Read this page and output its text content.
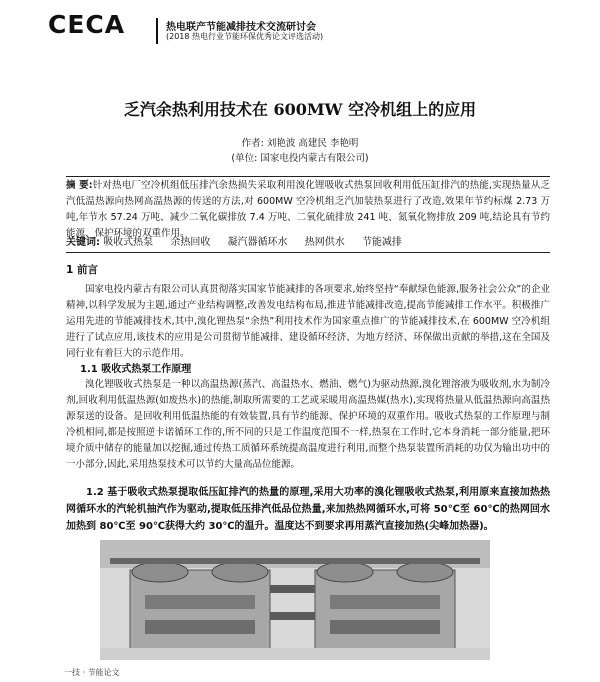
CECA	热电联产节能减排技术交流研讨会
(2018 热电行业节能环保优秀论文评选活动)
乏汽余热利用技术在 600MW 空冷机组上的应用
作者: 刘艳波 高建民 李艳明
(单位: 国家电投内蒙古有限公司)
摘 要:针对热电厂空冷机组低压排汽余热损失采取利用溴化锂吸收式热泵回收利用低压缸排汽的热能,实现热量从乏汽低温热源向热网高温热源的传送的方法,对 600MW 空冷机组乏汽加装热泵进行了改造,效果年节约标煤 2.73 万吨,年节水 57.24 万吨、减少二氧化碳排放 7.4 万吨、二氧化硫排放 241 吨、氮氧化物排放 209 吨,结论具有节约能源、保护环境的双重作用。
关键词: 吸收式热泵 余热回收 凝汽器循环水 热网供水 节能减排
1 前言

国家电投内蒙古有限公司认真贯彻落实国家节能减排的各项要求,始终坚持“奉献绿色能源,服务社会公众”的企业精神,以科学发展为主题,通过产业结构调整,改善发电结构布局,推进节能减排改造,提高节能减排工作水平。积极推广运用先进的节能减排技术,其中,溴化锂热泵“余热”利用技术作为国家重点推广的节能减排技术,在 600MW 空冷机组进行了试点应用,该技术的应用是公司贯彻节能减排、建设循环经济、为地方经济、环保做出贡献的举措,这在全国及同行业有着巨大的示范作用。

1.1 吸收式热泵工作原理

溴化锂吸收式热泵是一种以高温热源(蒸汽、高温热水、燃油、燃气)为驱动热源,溴化锂溶液为吸收剂,水为制冷剂,回收利用低温热源(如废热水)的热能,制取所需要的工艺或采暖用高温热媒(热水),实现将热量从低温热源向高温热源泵送的设备。是回收利用低温热能的有效装置,具有节约能源、保护环境的双重作用。吸收式热泵的工作原理与制冷机相同,都是按照逆卡诺循环工作的,所不同的只是工作温度范围不一样,热泵在工作时,它本身消耗一部分能量,把环境介质中储存的能量加以挖掘,通过传热工质循环系统提高温度进行利用,而整个热泵装置所消耗的功仅为输出功中的一小部分,因此,采用热泵技术可以节约大量高品位能源。

1.2 基于吸收式热泵提取低压缸排汽的热量的原理,采用大功率的溴化锂吸收式热泵,利用原来直接加热热网循环水的汽轮机抽汽作为驱动,提取低压排汽低品位热量,来加热热网循环水,可将 50℃至 60℃的热网回水加热到 80℃至 90℃获得大约 30℃的温升。温度达不到要求再用蒸汽直接加热(尖峰加热器)。
一技 · 节能论文
